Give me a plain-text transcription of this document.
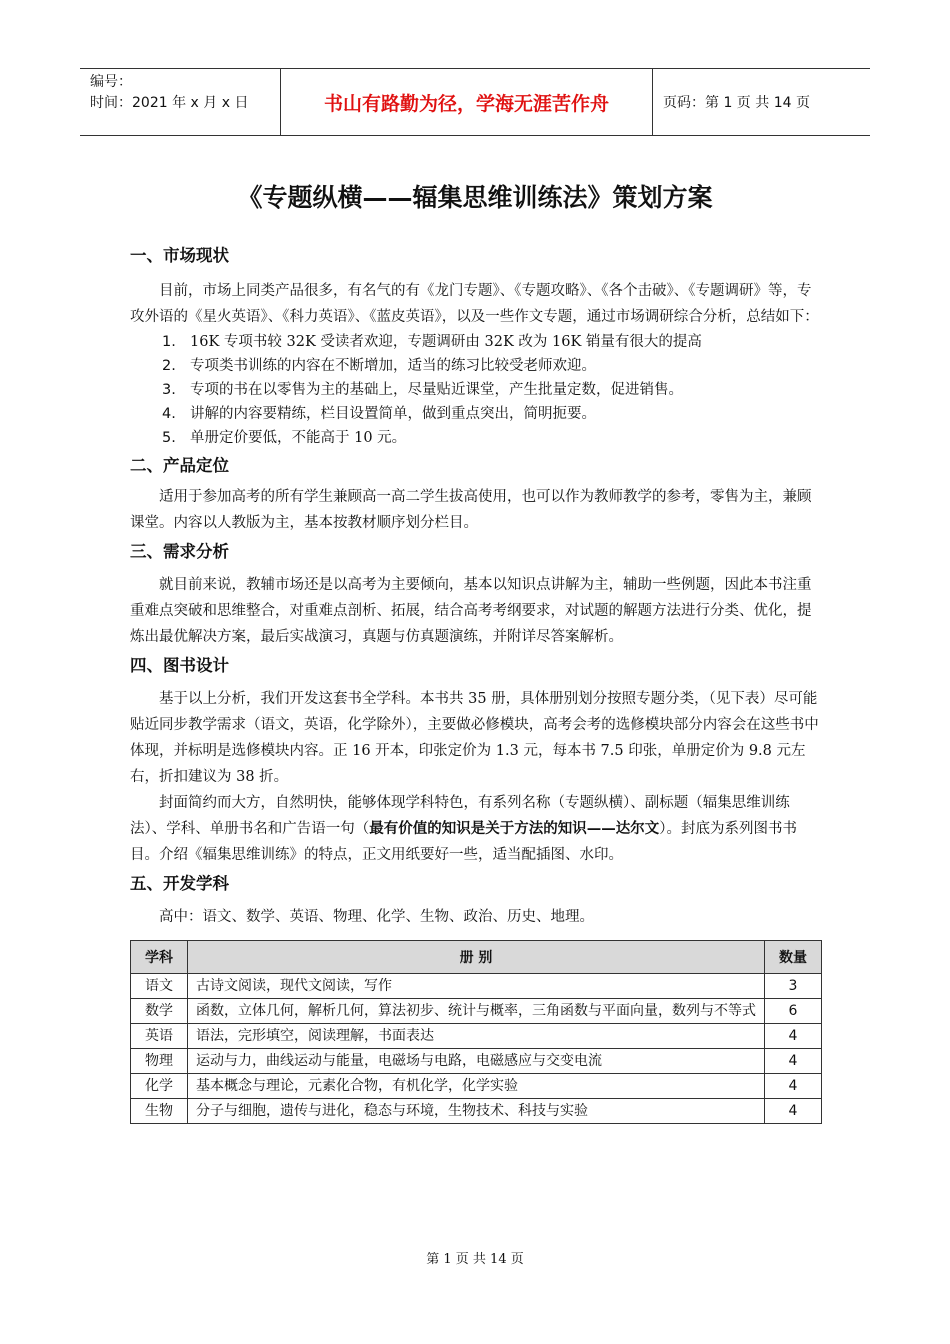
编号：
时间：2021 年 x 月 x 日	书山有路勤为径，学海无涯苦作舟	页码：第 1 页 共 14 页
《专题纵横——辐集思维训练法》策划方案
一、市场现状

目前，市场上同类产品很多，有名气的有《龙门专题》、《专题攻略》、《各个击破》、《专题调研》等，专攻外语的《星火英语》、《科力英语》、《蓝皮英语》，以及一些作文专题，通过市场调研综合分析，总结如下：

1. 16K 专项书较 32K 受读者欢迎，专题调研由 32K 改为 16K 销量有很大的提高
2. 专项类书训练的内容在不断增加，适当的练习比较受老师欢迎。
3. 专项的书在以零售为主的基础上，尽量贴近课堂，产生批量定数，促进销售。
4. 讲解的内容要精练，栏目设置简单，做到重点突出，简明扼要。
5. 单册定价要低，不能高于 10 元。
二、产品定位

适用于参加高考的所有学生兼顾高一高二学生拔高使用，也可以作为教师教学的参考，零售为主，兼顾课堂。内容以人教版为主，基本按教材顺序划分栏目。

三、需求分析

就目前来说，教辅市场还是以高考为主要倾向，基本以知识点讲解为主，辅助一些例题，因此本书注重重难点突破和思维整合，对重难点剖析、拓展，结合高考考纲要求，对试题的解题方法进行分类、优化，提炼出最优解决方案，最后实战演习，真题与仿真题演练，并附详尽答案解析。

四、图书设计

基于以上分析，我们开发这套书全学科。本书共 35 册，具体册别划分按照专题分类，（见下表）尽可能贴近同步教学需求（语文，英语，化学除外），主要做必修模块，高考会考的选修模块部分内容会在这些书中体现，并标明是选修模块内容。正 16 开本，印张定价为 1.3 元，每本书 7.5 印张，单册定价为 9.8 元左右，折扣建议为 38 折。

封面简约而大方，自然明快，能够体现学科特色，有系列名称（专题纵横）、副标题（辐集思维训练法）、学科、单册书名和广告语一句（最有价值的知识是关于方法的知识——达尔文）。封底为系列图书书目。介绍《辐集思维训练》的特点，正文用纸要好一些，适当配插图、水印。

五、开发学科

高中：语文、数学、英语、物理、化学、生物、政治、历史、地理。

学科	册 别	数量
语文	古诗文阅读，现代文阅读，写作	3
数学	函数，立体几何，解析几何，算法初步、统计与概率，三角函数与平面向量，数列与不等式	6
英语	语法，完形填空，阅读理解，书面表达	4
物理	运动与力，曲线运动与能量，电磁场与电路，电磁感应与交变电流	4
化学	基本概念与理论，元素化合物，有机化学，化学实验	4
生物	分子与细胞，遗传与进化，稳态与环境，生物技术、科技与实验	4
第 1 页 共 14 页
